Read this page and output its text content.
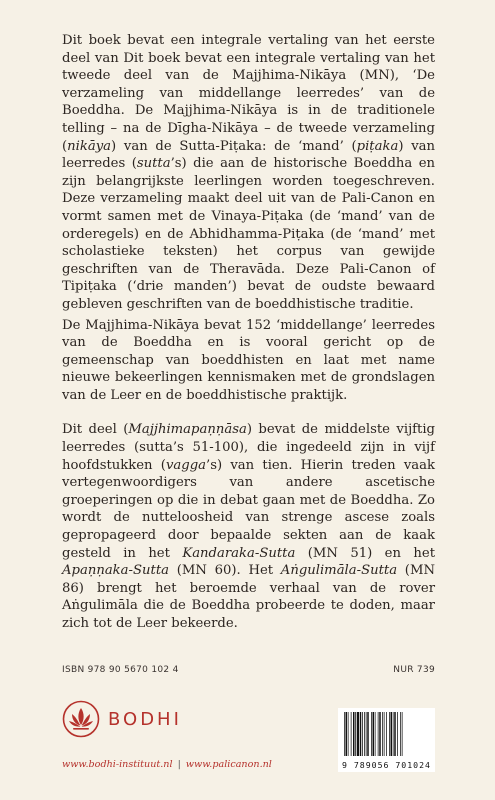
Dit boek bevat een integrale vertaling van het eerste deel van Dit boek bevat een integrale vertaling van het tweede deel van de Majjhima-Nikāya (MN), ‘De verzameling van middellange leerredes’ van de Boeddha. De Majjhima-Nikāya is in de traditionele telling – na de Dīgha-Nikāya – de tweede verzameling (nikāya) van de Sutta-Piṭaka: de ‘mand’ (piṭaka) van leerredes (sutta’s) die aan de historische Boeddha en zijn belangrijkste leerlingen worden toegeschreven. Deze verzameling maakt deel uit van de Pali-Canon en vormt samen met de Vinaya-Piṭaka (de ‘mand’ van de orderegels) en de Abhidhamma-Piṭaka (de ‘mand’ met scholastieke teksten) het corpus van gewijde geschriften van de Theravāda. Deze Pali-Canon of Tipiṭaka (‘drie manden’) bevat de oudste bewaard gebleven geschriften van de boeddhistische traditie.

De Majjhima-Nikāya bevat 152 ‘middellange’ leerredes van de Boeddha en is vooral gericht op de gemeenschap van boeddhisten en laat met name nieuwe bekeerlingen kennismaken met de grondslagen van de Leer en de boeddhistische praktijk.

Dit deel (Majjhimapaṇṇāsa) bevat de middelste vijftig leerredes (sutta’s 51-100), die ingedeeld zijn in vijf hoofdstukken (vagga’s) van tien. Hierin treden vaak vertegenwoordigers van andere ascetische groeperingen op die in debat gaan met de Boeddha. Zo wordt de nutteloosheid van strenge ascese zoals gepropageerd door bepaalde sekten aan de kaak gesteld in het Kandaraka-Sutta (MN 51) en het Apaṇṇaka-Sutta (MN 60). Het Aṅgulimāla-Sutta (MN 86) brengt het beroemde verhaal van de rover Aṅgulimāla die de Boeddha probeerde te doden, maar zich tot de Leer bekeerde.

ISBN 978 90 5670 102 4	NUR 739
BODHI
www.bodhi-instituut.nl | www.palicanon.nl	9 789056 701024
